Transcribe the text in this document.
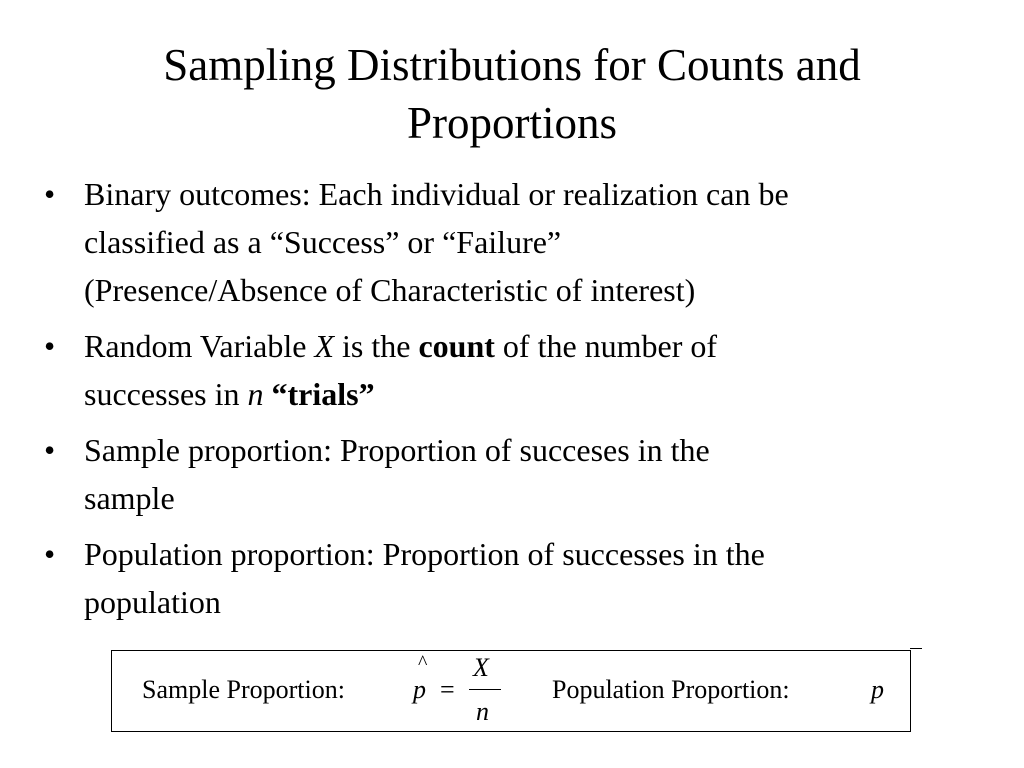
Sampling Distributions for Counts and
Proportions
• Binary outcomes: Each individual or realization can be
classified as a “Success” or “Failure”
(Presence/Absence of Characteristic of interest)
• Random Variable X is the count of the number of
successes in n “trials”
• Sample proportion: Proportion of succeses in the
sample
• Population proportion: Proportion of successes in the
population
Sample Proportion:
^
p =
X
n
Population Proportion:	p
